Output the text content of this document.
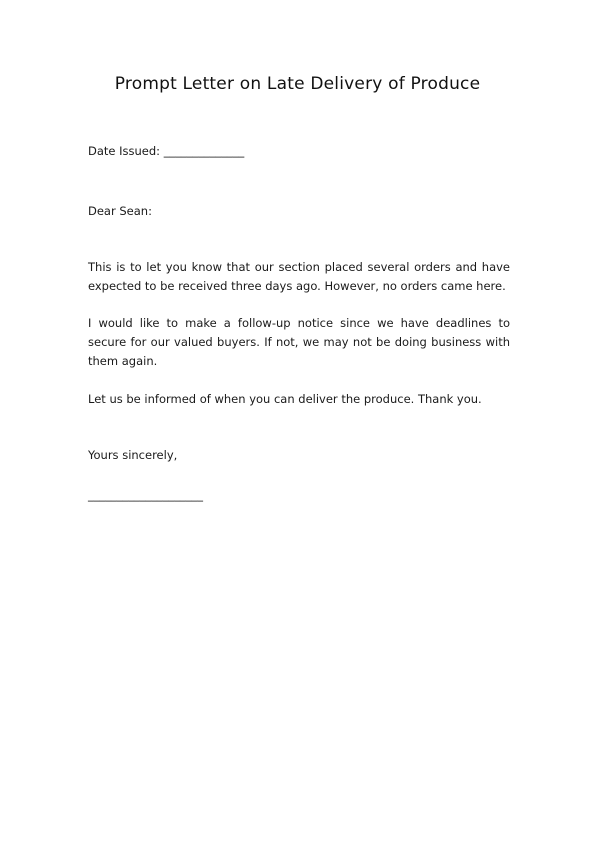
Prompt Letter on Late Delivery of Produce
Date Issued: ______________
Dear Sean:
This is to let you know that our section placed several orders and have
expected to be received three days ago. However, no orders came here.
I would like to make a follow-up notice since we have deadlines to
secure for our valued buyers. If not, we may not be doing business with
them again.
Let us be informed of when you can deliver the produce. Thank you.
Yours sincerely,
____________________
